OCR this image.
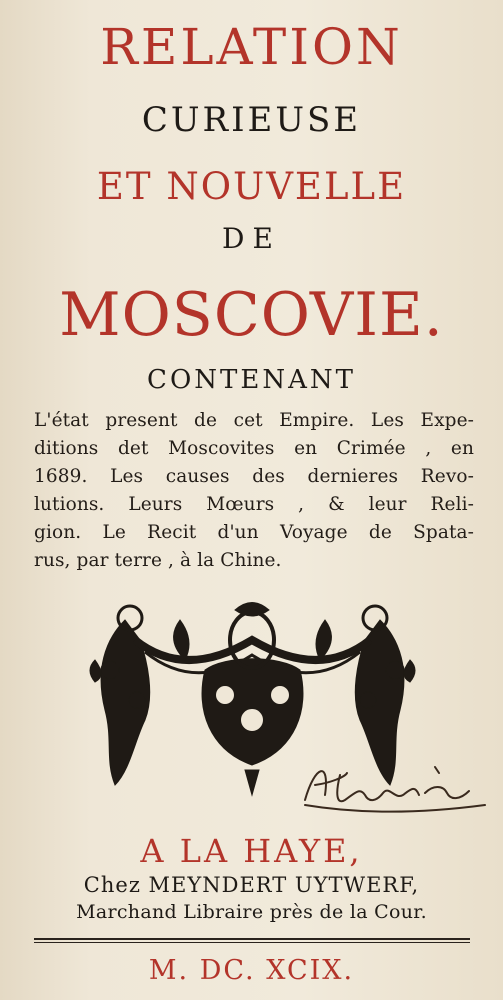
RELATION
CURIEUSE
ET NOUVELLE
DE
MOSCOVIE.
CONTENANT
L'état present de cet Empire. Les Expe-
ditions det Moscovites en Crimée , en
1689. Les causes des dernieres Revo-
lutions. Leurs Mœurs , & leur Reli-
gion. Le Recit d'un Voyage de Spata-
rus, par terre , à la Chine.
A LA HAYE,
Chez MEYNDERT UYTWERF,
Marchand Libraire près de la Cour.
M. DC. XCIX.
